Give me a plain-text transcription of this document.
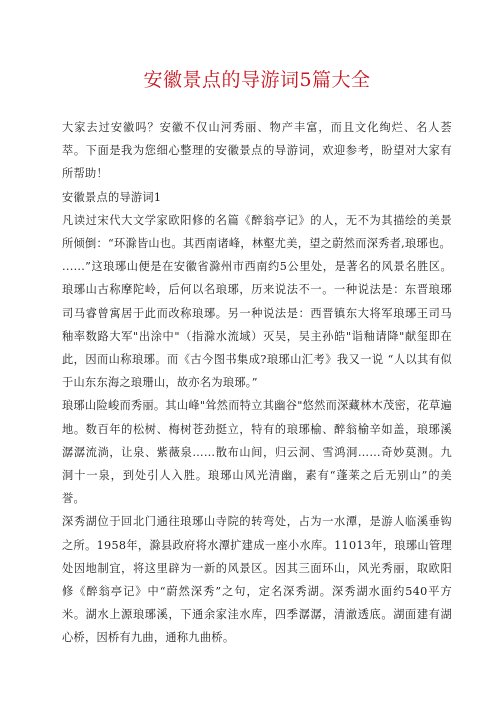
安徽景点的导游词5篇大全

大家去过安徽吗？安徽不仅山河秀丽、物产丰富，而且文化绚烂、名人荟萃。下面是我为您细心整理的安徽景点的导游词，欢迎参考，盼望对大家有所帮助！

安徽景点的导游词1

凡读过宋代大文学家欧阳修的名篇《醉翁亭记》的人，无不为其描绘的美景所倾倒：“环滁皆山也。其西南诸峰，林壑尤美，望之蔚然而深秀者,琅琊也。

......”这琅琊山便是在安徽省滁州市西南约5公里处，是著名的风景名胜区。琅琊山古称摩陀岭，后何以名琅琊，历来说法不一。一种说法是：东晋琅琊司马睿曾寓居于此而改称琅琊。另一种说法是：西晋镇东大将军琅琊王司马釉率数路大军"出涂中"（指滁水流域）灭吴，吴主孙皓"诣釉请降"献玺即在此，因而山称琅琊。而《古今图书集成?琅琊山汇考》我又一说 “人以其有似于山东东海之琅珊山，故亦名为琅琊。”

琅琊山险峻而秀丽。其山峰"耸然而特立其幽谷"悠然而深藏林木茂密，花草遍地。数百年的松树、梅树苍劲挺立，特有的琅琊榆、醉翁榆辛如盖，琅琊溪潺潺流淌，让泉、紫薇泉……散布山间，归云洞、雪鸿洞……奇妙莫测。九洞十一泉，到处引人入胜。琅琊山风光清幽，素有“蓬莱之后无别山”的美誉。

深秀湖位于回北门通往琅琊山寺院的转弯处，占为一水潭，是游人临溪垂钩之所。1958年，滁县政府将水潭扩建成一座小水库。11013年，琅琊山管理处因地制宜，将这里辟为一新的风景区。因其三面环山，风光秀丽，取欧阳修《醉翁亭记》中“蔚然深秀”之句，定名深秀湖。深秀湖水面约540平方米。湖水上源琅琊溪，下通余家洼水库，四季潺潺，清澈透底。湖面建有湖心桥，因桥有九曲，通称九曲桥。
